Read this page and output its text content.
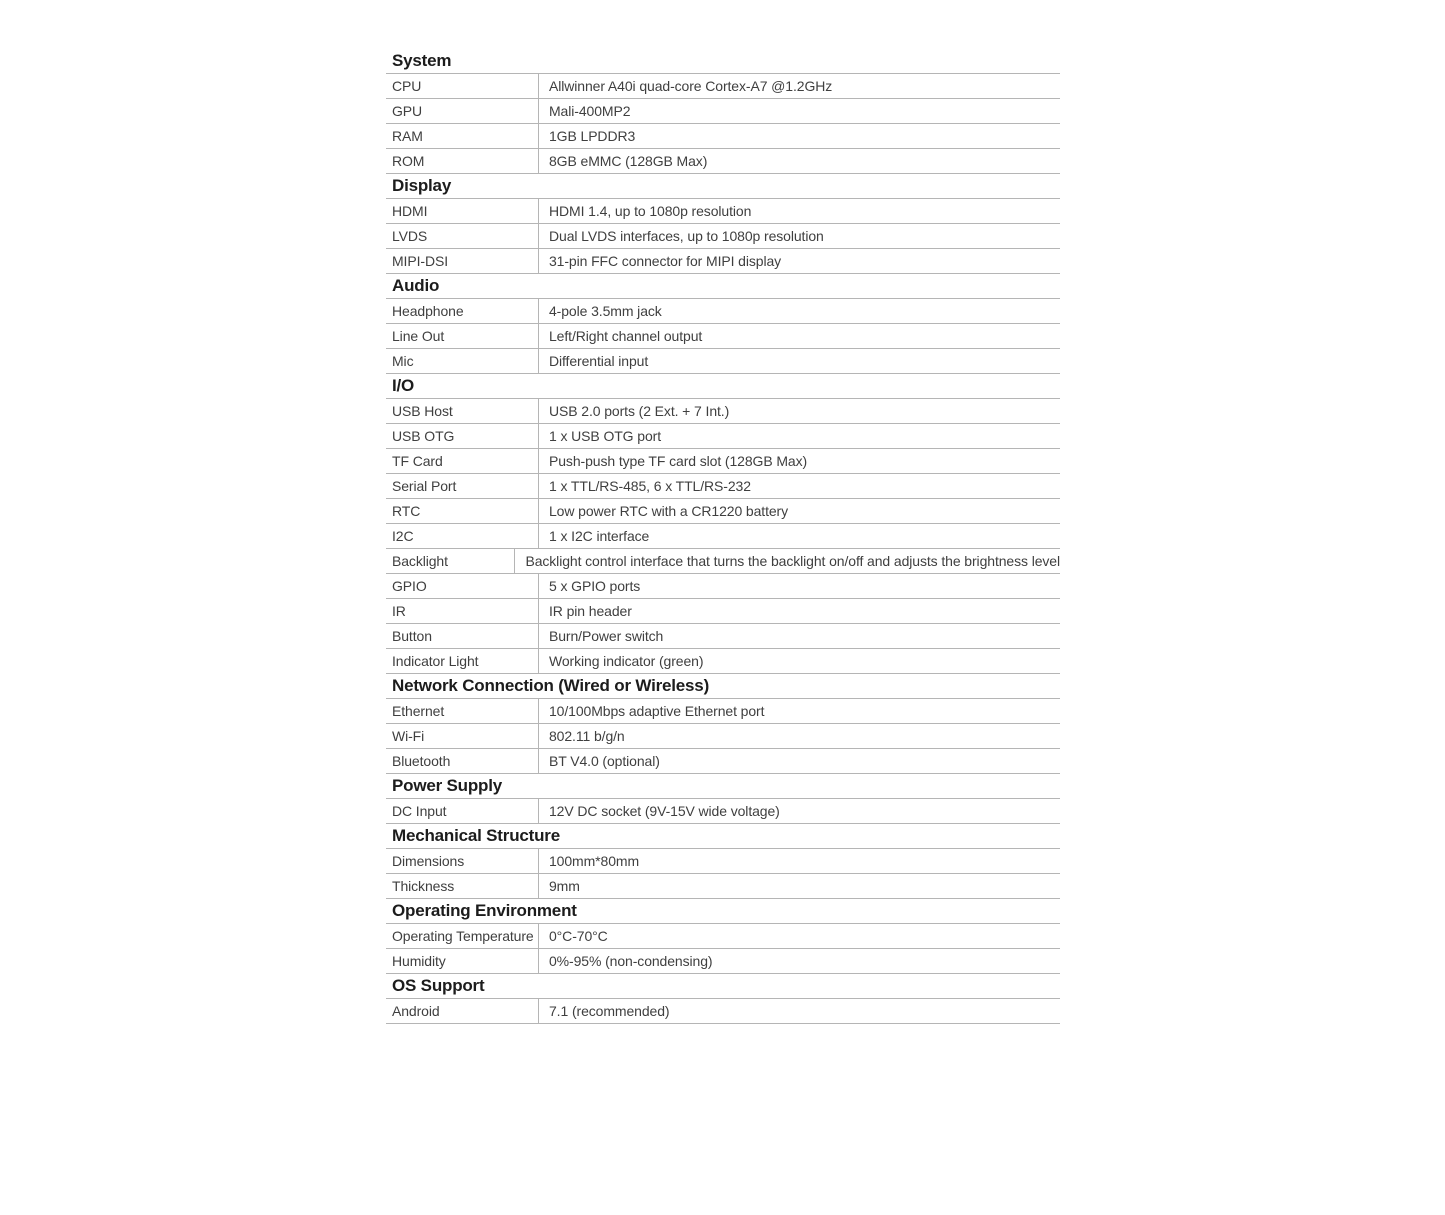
System
CPU	Allwinner A40i quad-core Cortex-A7 @1.2GHz
GPU	Mali-400MP2
RAM	1GB LPDDR3
ROM	8GB eMMC (128GB Max)
Display
HDMI	HDMI 1.4, up to 1080p resolution
LVDS	Dual LVDS interfaces, up to 1080p resolution
MIPI-DSI	31-pin FFC connector for MIPI display
Audio
Headphone	4-pole 3.5mm jack
Line Out	Left/Right channel output
Mic	Differential input
I/O
USB Host	USB 2.0 ports (2 Ext. + 7 Int.)
USB OTG	1 x USB OTG port
TF Card	Push-push type TF card slot (128GB Max)
Serial Port	1 x TTL/RS-485, 6 x TTL/RS-232
RTC	Low power RTC with a CR1220 battery
I2C	1 x I2C interface
Backlight	Backlight control interface that turns the backlight on/off and adjusts the brightness level
GPIO	5 x GPIO ports
IR	IR pin header
Button	Burn/Power switch
Indicator Light	Working indicator (green)
Network Connection (Wired or Wireless)
Ethernet	10/100Mbps adaptive Ethernet port
Wi-Fi	802.11 b/g/n
Bluetooth	BT V4.0 (optional)
Power Supply
DC Input	12V DC socket (9V-15V wide voltage)
Mechanical Structure
Dimensions	100mm*80mm
Thickness	9mm
Operating Environment
Operating Temperature	0°C-70°C
Humidity	0%-95% (non-condensing)
OS Support
Android	7.1 (recommended)
